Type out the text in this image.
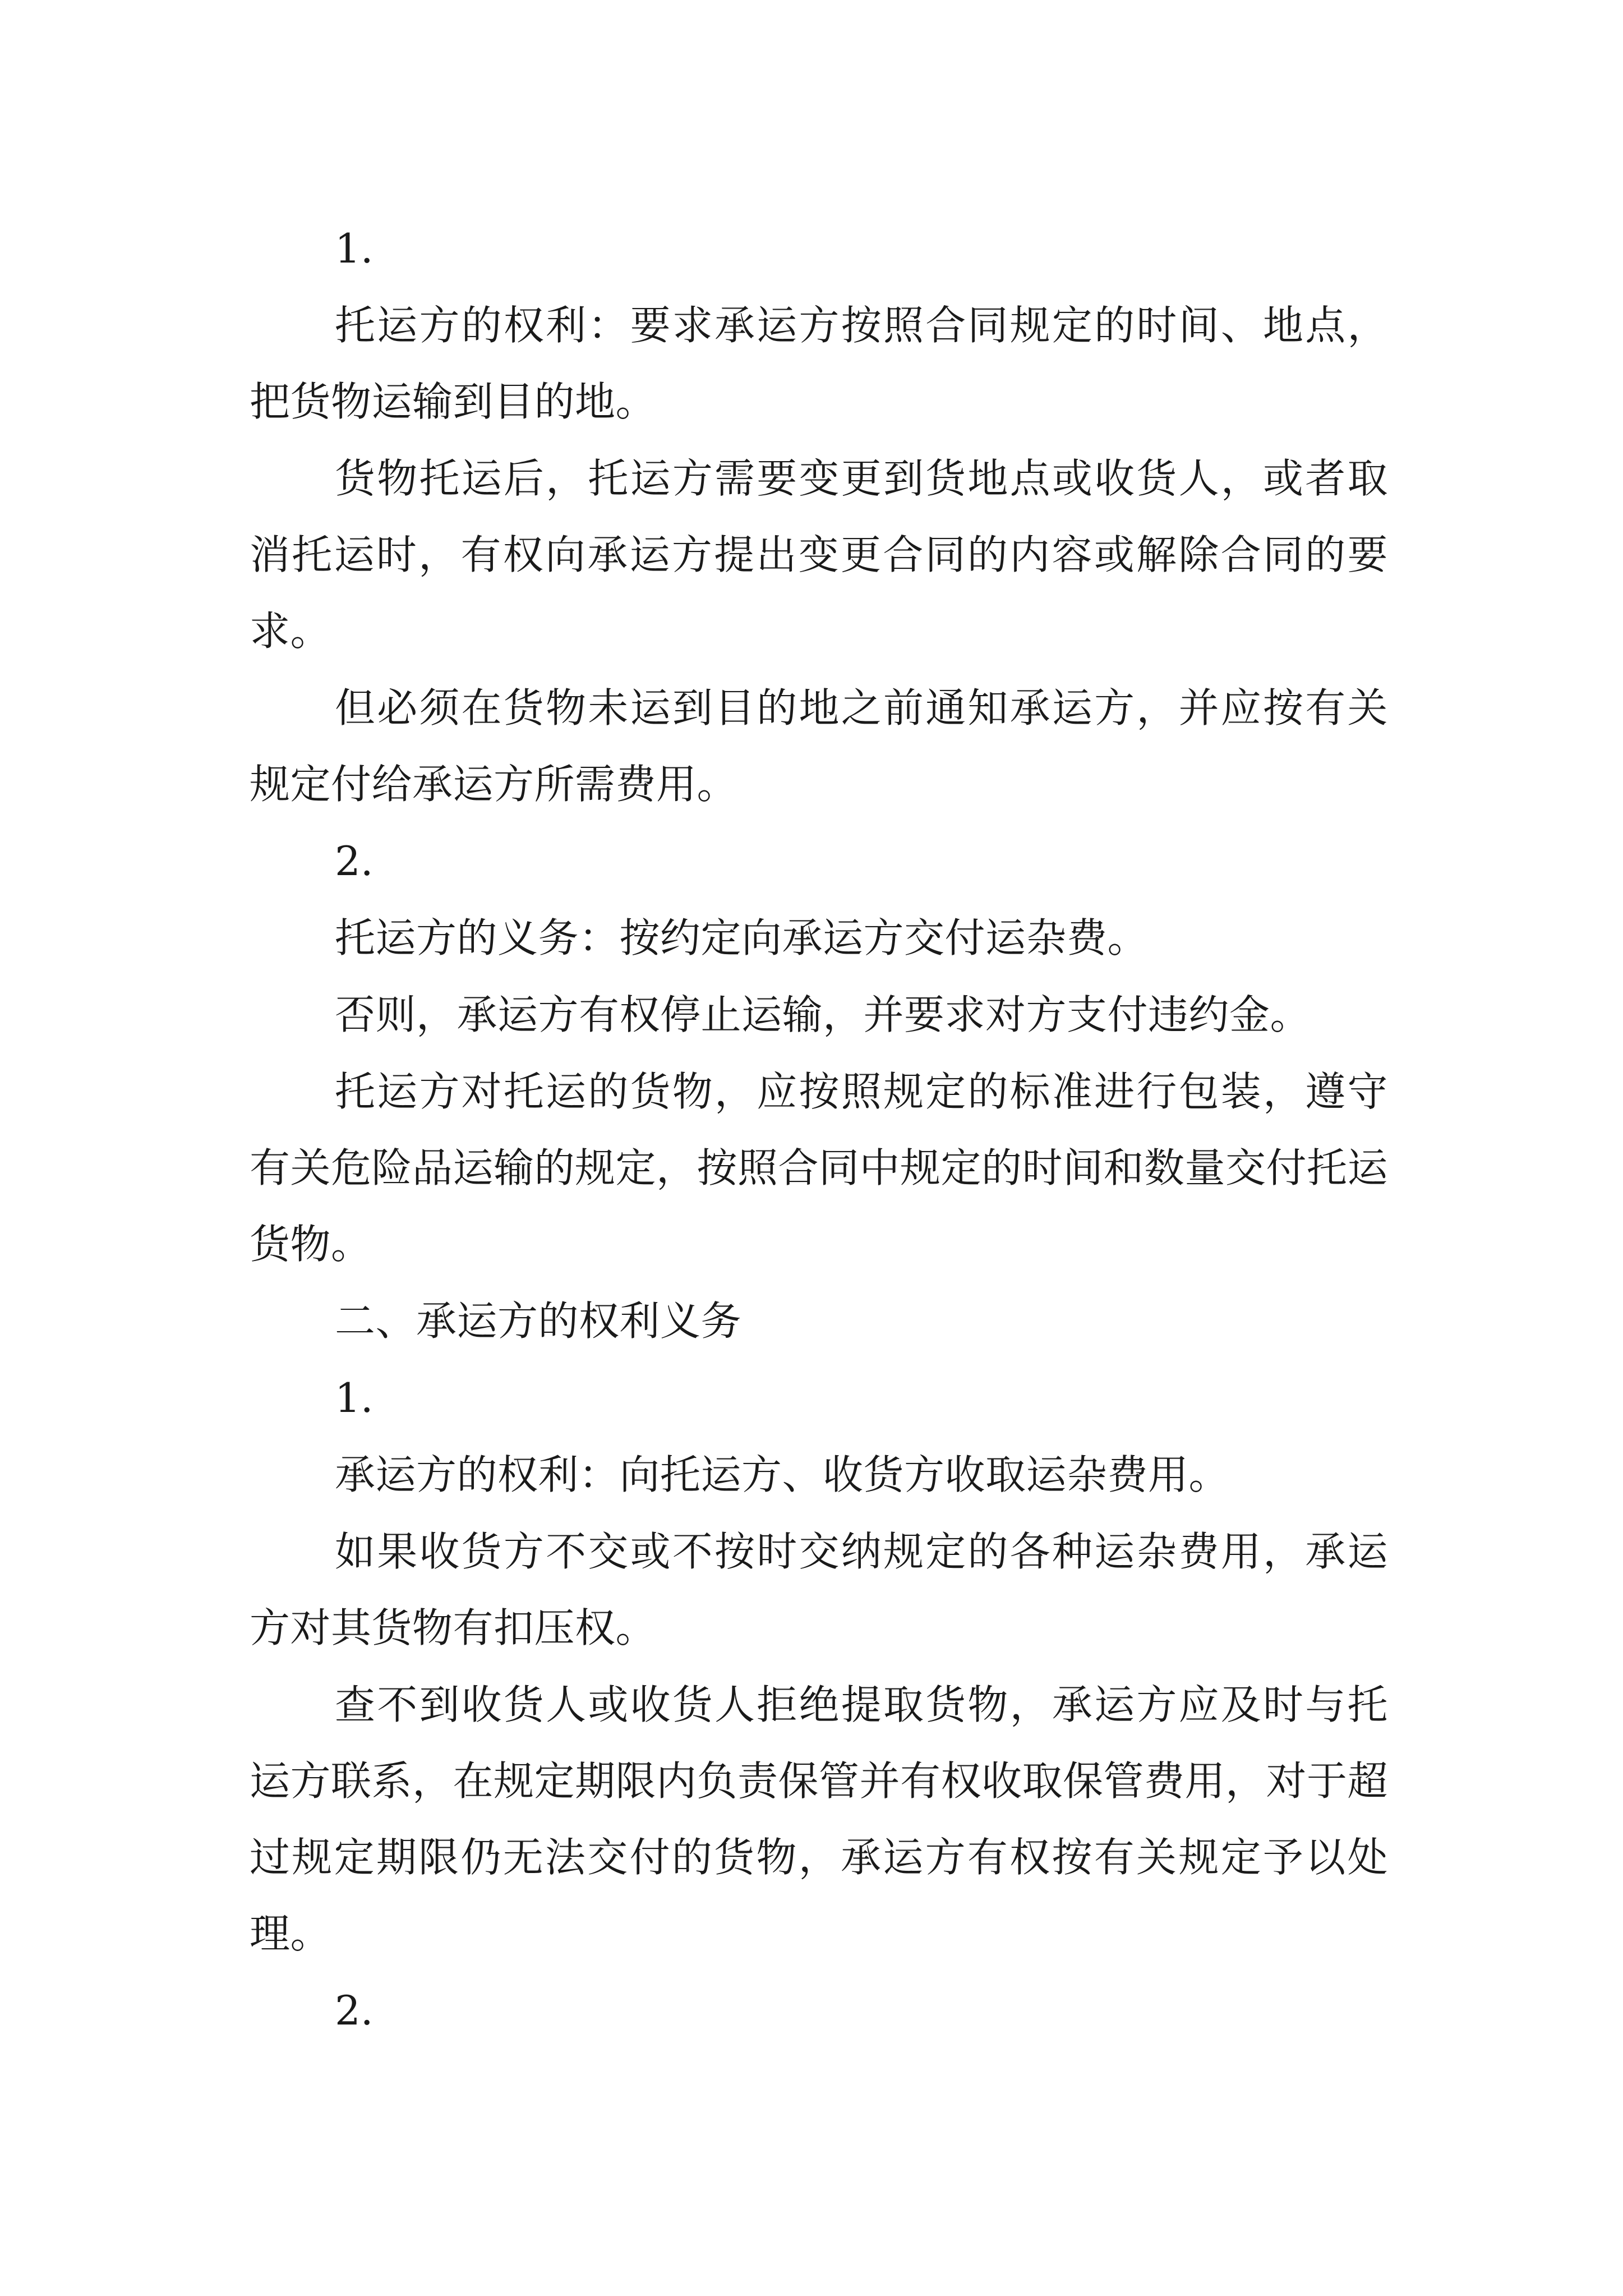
1.

托运方的权利：要求承运方按照合同规定的时间、地点，把货物运输到目的地。

货物托运后，托运方需要变更到货地点或收货人，或者取消托运时，有权向承运方提出变更合同的内容或解除合同的要求。

但必须在货物未运到目的地之前通知承运方，并应按有关规定付给承运方所需费用。

2.

托运方的义务：按约定向承运方交付运杂费。

否则，承运方有权停止运输，并要求对方支付违约金。

托运方对托运的货物，应按照规定的标准进行包装，遵守有关危险品运输的规定，按照合同中规定的时间和数量交付托运货物。

二、承运方的权利义务

1.

承运方的权利：向托运方、收货方收取运杂费用。

如果收货方不交或不按时交纳规定的各种运杂费用，承运方对其货物有扣压权。

查不到收货人或收货人拒绝提取货物，承运方应及时与托运方联系，在规定期限内负责保管并有权收取保管费用，对于超过规定期限仍无法交付的货物，承运方有权按有关规定予以处理。

2.
